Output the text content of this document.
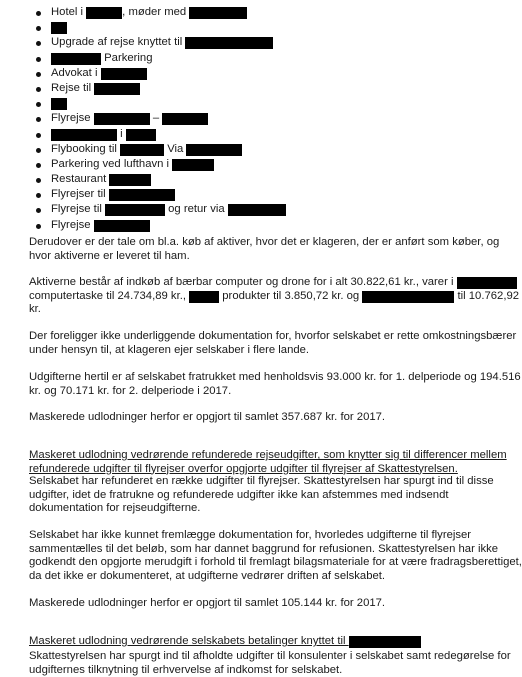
Hotel i	, møder med
Upgrade af rejse knyttet til
Parkering
Advokat i
Rejse til
Flyrejse	–
i
Flybooking til	Via
Parkering ved lufthavn i
Restaurant
Flyrejser til
Flyrejse til	og retur via
Flyrejse
Derudover er der tale om bl.a. køb af aktiver, hvor det er klageren, der er anført som køber, og
hvor aktiverne er leveret til ham.
Aktiverne består af indkøb af bærbar computer og drone for i alt 30.822,61 kr., varer i
computertaske til 24.734,89 kr.,	produkter til 3.850,72 kr. og	til 10.762,92
kr.
Der foreligger ikke underliggende dokumentation for, hvorfor selskabet er rette omkostningsbærer
under hensyn til, at klageren ejer selskaber i flere lande.
Udgifterne hertil er af selskabet fratrukket med henholdsvis 93.000 kr. for 1. delperiode og 194.516
kr. og 70.171 kr. for 2. delperiode i 2017.
Maskerede udlodninger herfor er opgjort til samlet 357.687 kr. for 2017.
Maskeret udlodning vedrørende refunderede rejseudgifter, som knytter sig til differencer mellem
refunderede udgifter til flyrejser overfor opgjorte udgifter til flyrejser af Skattestyrelsen.
Selskabet har refunderet en række udgifter til flyrejser. Skattestyrelsen har spurgt ind til disse
udgifter, idet de fratrukne og refunderede udgifter ikke kan afstemmes med indsendt
dokumentation for rejseudgifterne.
Selskabet har ikke kunnet fremlægge dokumentation for, hvorledes udgifterne til flyrejser
sammentælles til det beløb, som har dannet baggrund for refusionen. Skattestyrelsen har ikke
godkendt den opgjorte merudgift i forhold til fremlagt bilagsmateriale for at være fradragsberettiget,
da det ikke er dokumenteret, at udgifterne vedrører driften af selskabet.
Maskerede udlodninger herfor er opgjort til samlet 105.144 kr. for 2017.
Maskeret udlodning vedrørende selskabets betalinger knyttet til
Skattestyrelsen har spurgt ind til afholdte udgifter til konsulenter i selskabet samt redegørelse for
udgifternes tilknytning til erhvervelse af indkomst for selskabet.
